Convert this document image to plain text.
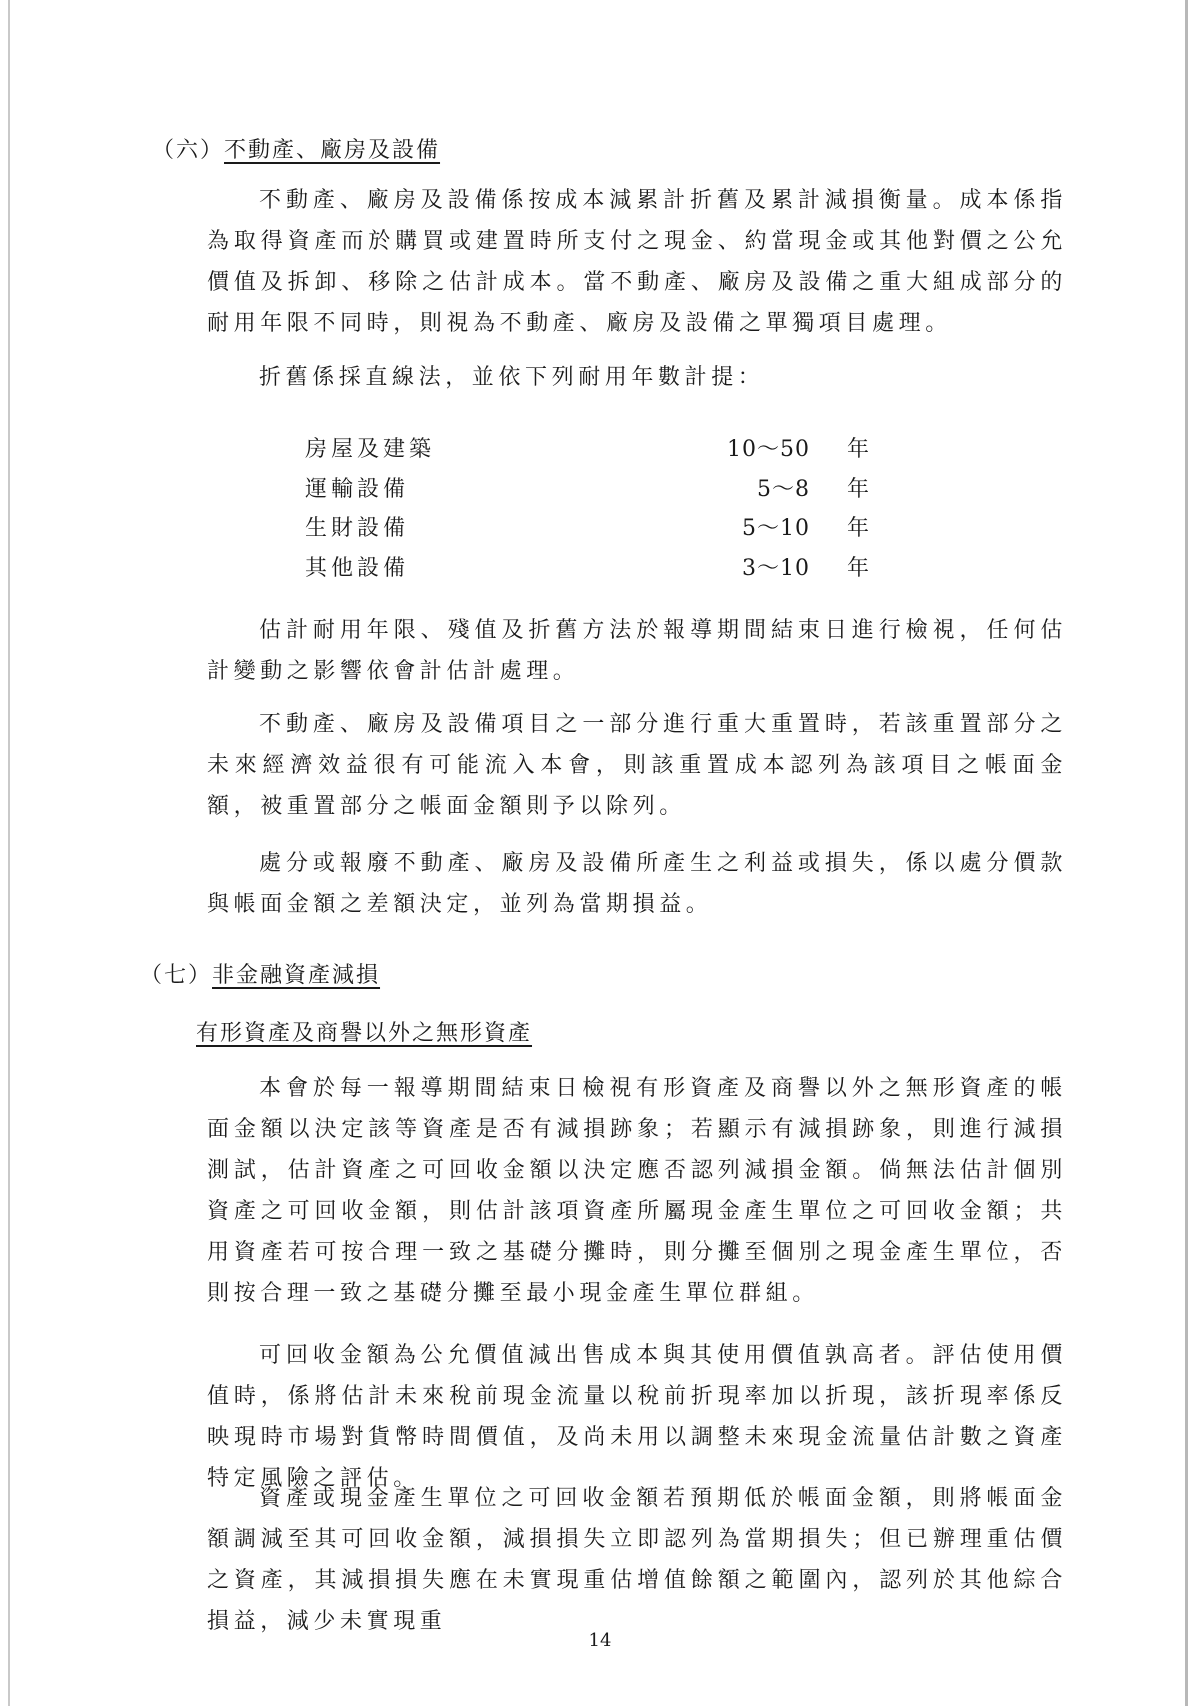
（六）不動產、廠房及設備
不動產、廠房及設備係按成本減累計折舊及累計減損衡量。成本係指為取得資產而於購買或建置時所支付之現金、約當現金或其他對價之公允價值及拆卸、移除之估計成本。當不動產、廠房及設備之重大組成部分的耐用年限不同時，則視為不動產、廠房及設備之單獨項目處理。
折舊係採直線法，並依下列耐用年數計提：
房屋及建築	10～50 年
運輸設備	5～8 年
生財設備	5～10 年
其他設備	3～10 年
估計耐用年限、殘值及折舊方法於報導期間結束日進行檢視，任何估計變動之影響依會計估計處理。
不動產、廠房及設備項目之一部分進行重大重置時，若該重置部分之未來經濟效益很有可能流入本會，則該重置成本認列為該項目之帳面金額，被重置部分之帳面金額則予以除列。
處分或報廢不動產、廠房及設備所產生之利益或損失，係以處分價款與帳面金額之差額決定，並列為當期損益。
（七）非金融資產減損
有形資產及商譽以外之無形資產
本會於每一報導期間結束日檢視有形資產及商譽以外之無形資產的帳面金額以決定該等資產是否有減損跡象；若顯示有減損跡象，則進行減損測試，估計資產之可回收金額以決定應否認列減損金額。倘無法估計個別資產之可回收金額，則估計該項資產所屬現金產生單位之可回收金額；共用資產若可按合理一致之基礎分攤時，則分攤至個別之現金產生單位，否則按合理一致之基礎分攤至最小現金產生單位群組。
可回收金額為公允價值減出售成本與其使用價值孰高者。評估使用價值時，係將估計未來稅前現金流量以稅前折現率加以折現，該折現率係反映現時市場對貨幣時間價值，及尚未用以調整未來現金流量估計數之資產特定風險之評估。
資產或現金產生單位之可回收金額若預期低於帳面金額，則將帳面金額調減至其可回收金額，減損損失立即認列為當期損失；但已辦理重估價之資產，其減損損失應在未實現重估增值餘額之範圍內，認列於其他綜合損益，減少未實現重
14
